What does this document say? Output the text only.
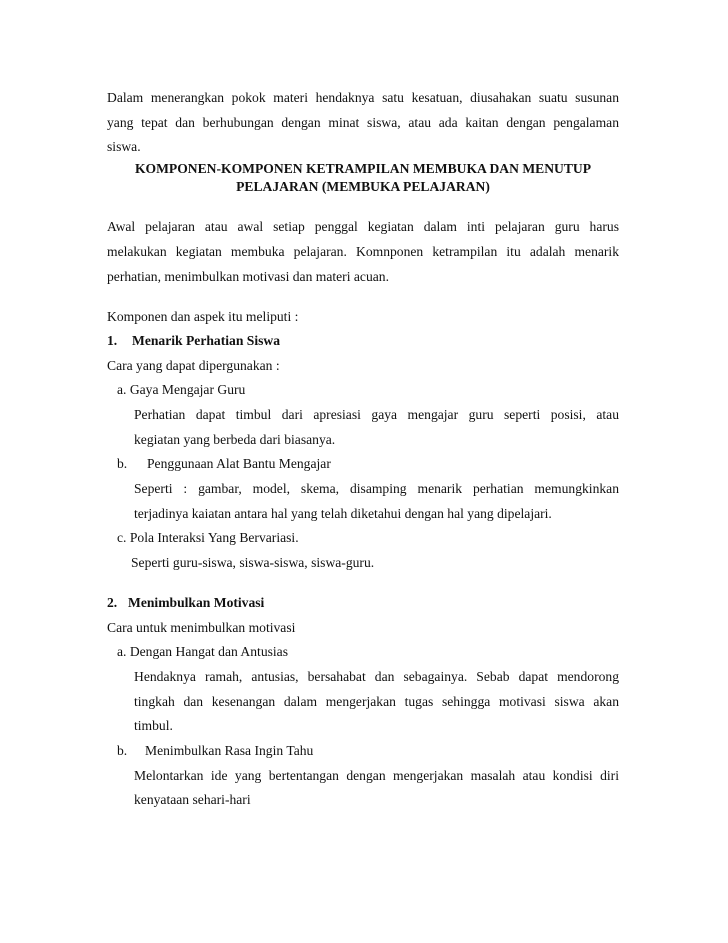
Dalam menerangkan pokok materi hendaknya satu kesatuan, diusahakan suatu susunan
yang tepat dan berhubungan dengan minat siswa, atau ada kaitan dengan pengalaman
siswa.
KOMPONEN-KOMPONEN KETRAMPILAN MEMBUKA DAN MENUTUP
PELAJARAN (MEMBUKA PELAJARAN)
Awal pelajaran atau awal setiap penggal kegiatan dalam inti pelajaran guru harus
melakukan kegiatan membuka pelajaran. Komnponen ketrampilan itu adalah menarik
perhatian, menimbulkan motivasi dan materi acuan.
Komponen dan aspek itu meliputi :
1. Menarik Perhatian Siswa
Cara yang dapat dipergunakan :
a. Gaya Mengajar Guru
Perhatian dapat timbul dari apresiasi gaya mengajar guru seperti posisi, atau
kegiatan yang berbeda dari biasanya.
b. Penggunaan Alat Bantu Mengajar
Seperti : gambar, model, skema, disamping menarik perhatian memungkinkan
terjadinya kaiatan antara hal yang telah diketahui dengan hal yang dipelajari.
c. Pola Interaksi Yang Bervariasi.
Seperti guru-siswa, siswa-siswa, siswa-guru.
2. Menimbulkan Motivasi
Cara untuk menimbulkan motivasi
a. Dengan Hangat dan Antusias
Hendaknya ramah, antusias, bersahabat dan sebagainya. Sebab dapat mendorong
tingkah dan kesenangan dalam mengerjakan tugas sehingga motivasi siswa akan
timbul.
b. Menimbulkan Rasa Ingin Tahu
Melontarkan ide yang bertentangan dengan mengerjakan masalah atau kondisi diri
kenyataan sehari-hari
